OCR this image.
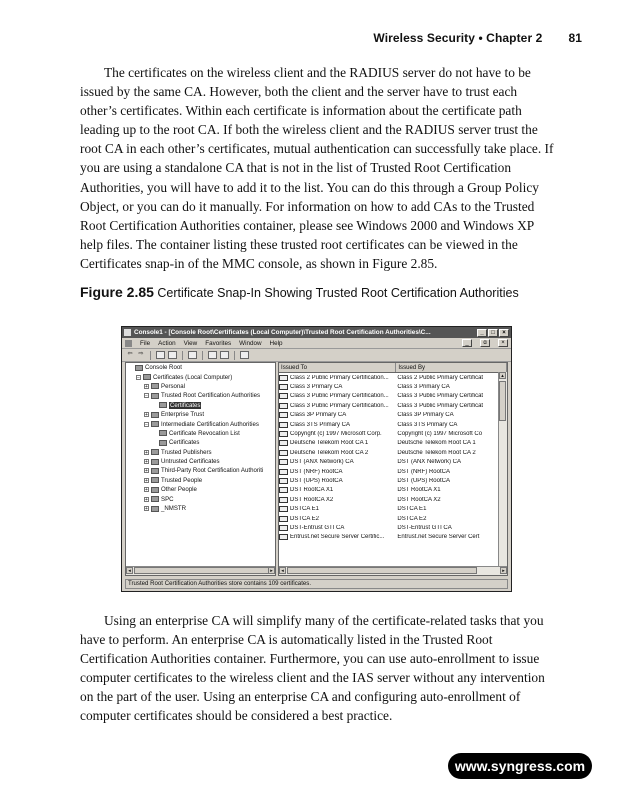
Wireless Security • Chapter 2 81

The certificates on the wireless client and the RADIUS server do not have to be issued by the same CA. However, both the client and the server have to trust each other’s certificates. Within each certificate is information about the certificate path leading up to the root CA. If both the wireless client and the RADIUS server trust the root CA in each other’s certificates, mutual authentication can successfully take place. If you are using a standalone CA that is not in the list of Trusted Root Certification Authorities, you will have to add it to the list. You can do this through a Group Policy Object, or you can do it manually. For information on how to add CAs to the Trusted Root Certification Authorities container, please see Windows 2000 and Windows XP help files. The container listing these trusted root certificates can be viewed in the Certificates snap-in of the MMC console, as shown in Figure 2.85.

Figure 2.85 Certificate Snap-In Showing Trusted Root Certification Authorities
Console1 - [Console Root\Certificates (Local Computer)\Trusted Root Certification Authorities\C...	_	□	×
File Action View Favorites Window Help	_	ɑ	×
⇦ ⇨
Console Root
− Certificates (Local Computer)
+ Personal
− Trusted Root Certification Authorities
Certificates
+ Enterprise Trust
− Intermediate Certification Authorities
Certificate Revocation List
Certificates
+ Trusted Publishers
+ Untrusted Certificates
+ Third-Party Root Certification Authoriti
+ Trusted People
+ Other People
+ SPC
+ _NMSTR
◂	▸
Issued To	Issued By
Class 2 Public Primary Certification...	Class 2 Public Primary Certificat
Class 3 Primary CA	Class 3 Primary CA
Class 3 Public Primary Certification...	Class 3 Public Primary Certificat
Class 3 Public Primary Certification...	Class 3 Public Primary Certificat
Class 3P Primary CA	Class 3P Primary CA
Class 3TS Primary CA	Class 3TS Primary CA
Copyright (c) 1997 Microsoft Corp.	Copyright (c) 1997 Microsoft Co
Deutsche Telekom Root CA 1	Deutsche Telekom Root CA 1
Deutsche Telekom Root CA 2	Deutsche Telekom Root CA 2
DST (ANX Network) CA	DST (ANX Network) CA
DST (NRF) RootCA	DST (NRF) RootCA
DST (UPS) RootCA	DST (UPS) RootCA
DST RootCA X1	DST RootCA X1
DST RootCA X2	DST RootCA X2
DSTCA E1	DSTCA E1
DSTCA E2	DSTCA E2
DST-Entrust GTI CA	DST-Entrust GTI CA
Entrust.net Secure Server Certific...	Entrust.net Secure Server Cert
▴
◂	▸
Trusted Root Certification Authorities store contains 109 certificates.

Using an enterprise CA will simplify many of the certificate-related tasks that you have to perform. An enterprise CA is automatically listed in the Trusted Root Certification Authorities container. Furthermore, you can use auto-enrollment to issue computer certificates to the wireless client and the IAS server without any intervention on the part of the user. Using an enterprise CA and configuring auto-enrollment of computer certificates should be considered a best practice.

www.syngress.com
